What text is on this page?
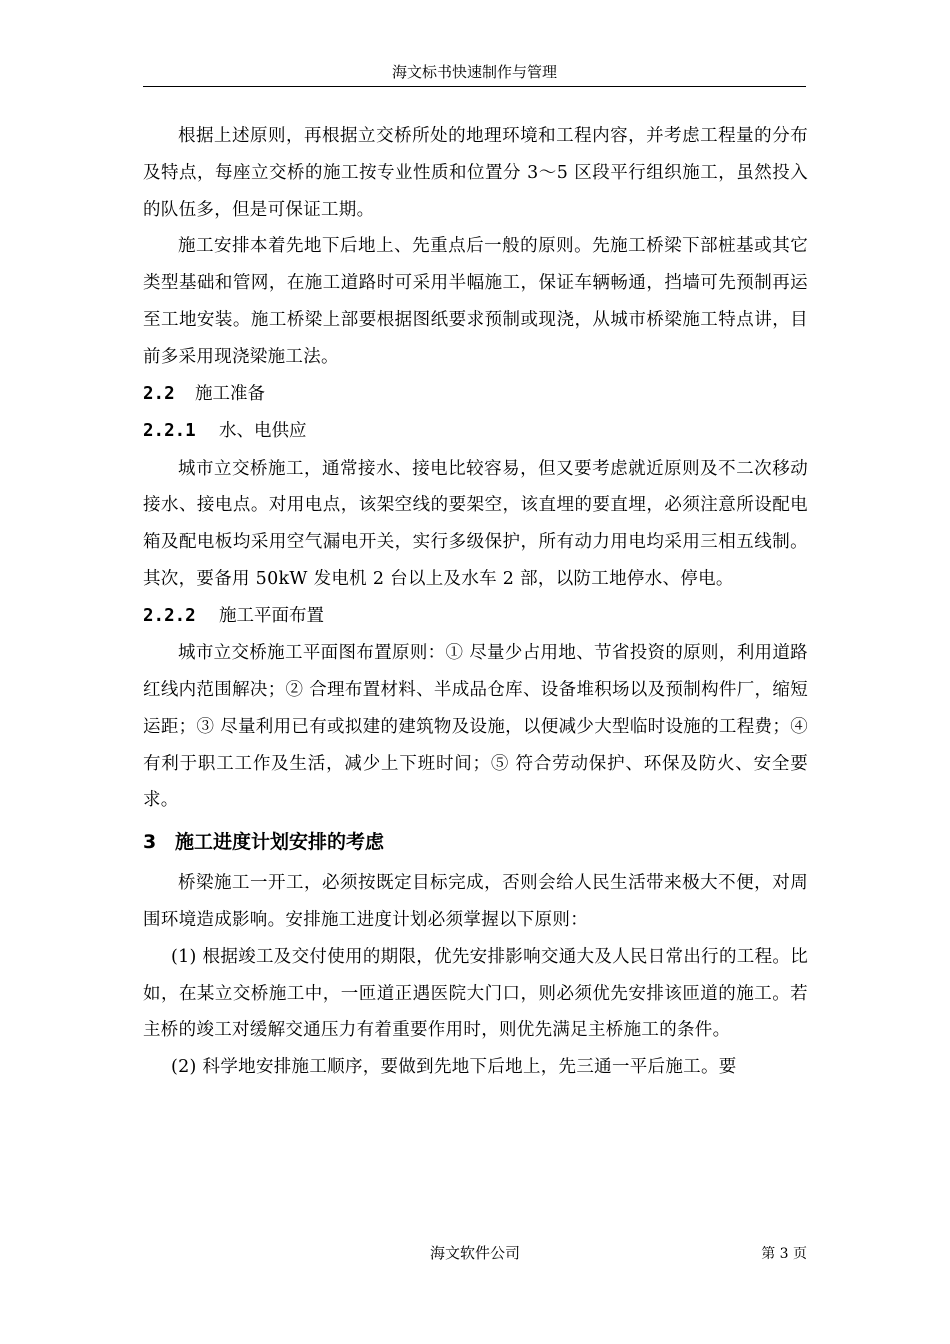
海文标书快速制作与管理

根据上述原则，再根据立交桥所处的地理环境和工程内容，并考虑工程量的分布及特点，每座立交桥的施工按专业性质和位置分 3～5 区段平行组织施工，虽然投入的队伍多，但是可保证工期。

施工安排本着先地下后地上、先重点后一般的原则。先施工桥梁下部桩基或其它类型基础和管网，在施工道路时可采用半幅施工，保证车辆畅通，挡墙可先预制再运至工地安装。施工桥梁上部要根据图纸要求预制或现浇，从城市桥梁施工特点讲，目前多采用现浇梁施工法。

2.2 施工准备
2.2.1 水、电供应

城市立交桥施工，通常接水、接电比较容易，但又要考虑就近原则及不二次移动接水、接电点。对用电点，该架空线的要架空，该直埋的要直埋，必须注意所设配电箱及配电板均采用空气漏电开关，实行多级保护，所有动力用电均采用三相五线制。其次，要备用 50kW 发电机 2 台以上及水车 2 部，以防工地停水、停电。

2.2.2 施工平面布置

城市立交桥施工平面图布置原则：① 尽量少占用地、节省投资的原则，利用道路红线内范围解决；② 合理布置材料、半成品仓库、设备堆积场以及预制构件厂，缩短运距；③ 尽量利用已有或拟建的建筑物及设施，以便减少大型临时设施的工程费；④ 有利于职工工作及生活，减少上下班时间；⑤ 符合劳动保护、环保及防火、安全要求。

3 施工进度计划安排的考虑

桥梁施工一开工，必须按既定目标完成，否则会给人民生活带来极大不便，对周围环境造成影响。安排施工进度计划必须掌握以下原则：

(1) 根据竣工及交付使用的期限，优先安排影响交通大及人民日常出行的工程。比如，在某立交桥施工中，一匝道正遇医院大门口，则必须优先安排该匝道的施工。若主桥的竣工对缓解交通压力有着重要作用时，则优先满足主桥施工的条件。

(2) 科学地安排施工顺序，要做到先地下后地上，先三通一平后施工。要

海文软件公司	第 3 页
